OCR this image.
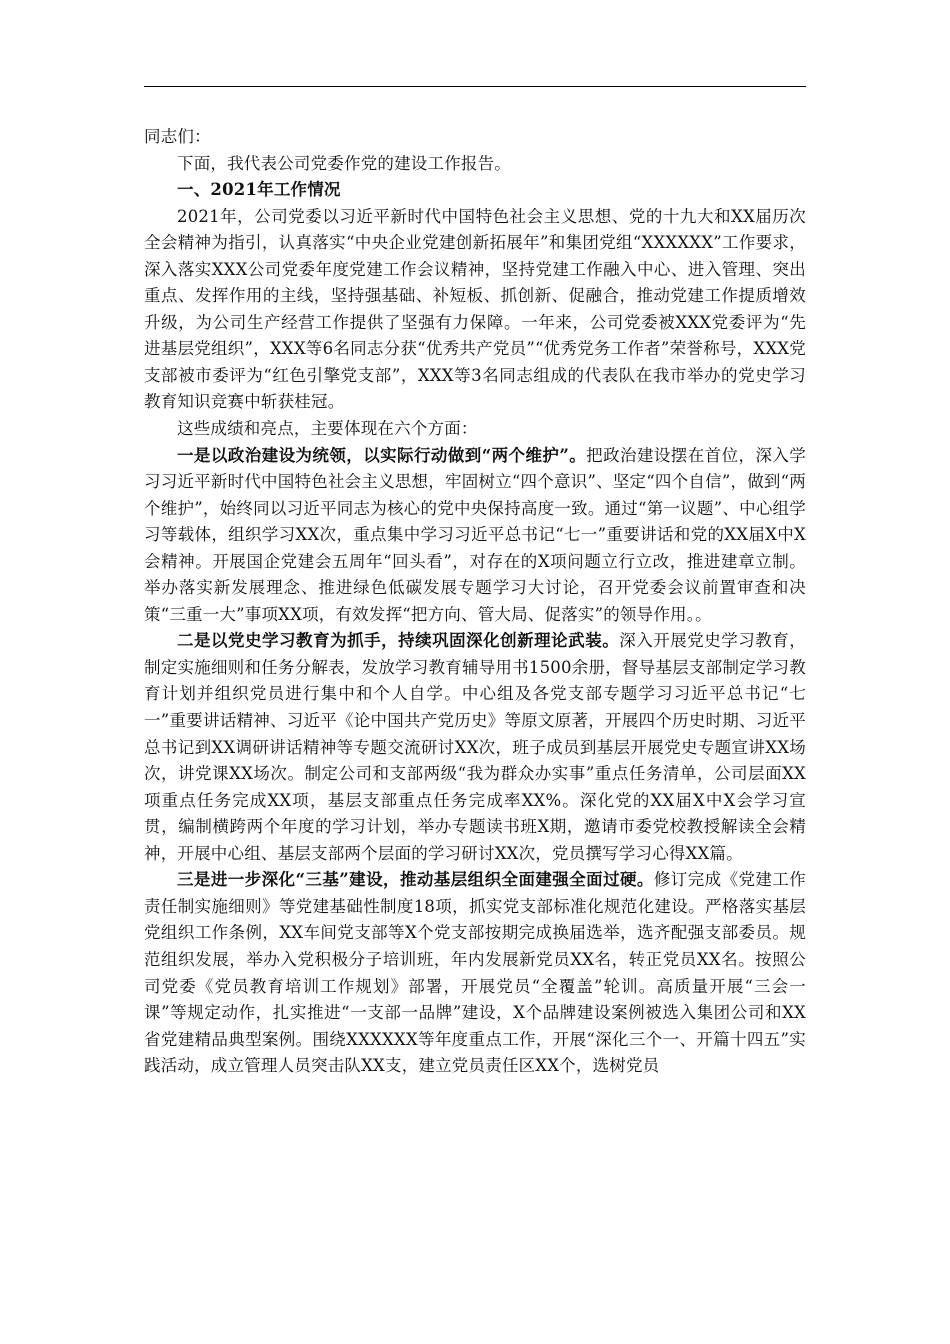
同志们：

下面，我代表公司党委作党的建设工作报告。

一、2021年工作情况

2021年，公司党委以习近平新时代中国特色社会主义思想、党的十九大和XX届历次全会精神为指引，认真落实“中央企业党建创新拓展年”和集团党组“XXXXXX”工作要求，深入落实XXX公司党委年度党建工作会议精神，坚持党建工作融入中心、进入管理、突出重点、发挥作用的主线，坚持强基础、补短板、抓创新、促融合，推动党建工作提质增效升级，为公司生产经营工作提供了坚强有力保障。一年来，公司党委被XXX党委评为“先进基层党组织”，XXX等6名同志分获“优秀共产党员”“优秀党务工作者”荣誉称号，XXX党支部被市委评为“红色引擎党支部”，XXX等3名同志组成的代表队在我市举办的党史学习教育知识竞赛中斩获桂冠。

这些成绩和亮点，主要体现在六个方面：

一是以政治建设为统领，以实际行动做到“两个维护”。把政治建设摆在首位，深入学习习近平新时代中国特色社会主义思想，牢固树立“四个意识”、坚定“四个自信”，做到“两个维护”，始终同以习近平同志为核心的党中央保持高度一致。通过“第一议题”、中心组学习等载体，组织学习XX次，重点集中学习习近平总书记“七一”重要讲话和党的XX届X中X会精神。开展国企党建会五周年“回头看”，对存在的X项问题立行立改，推进建章立制。举办落实新发展理念、推进绿色低碳发展专题学习大讨论，召开党委会议前置审查和决策“三重一大”事项XX项，有效发挥“把方向、管大局、促落实”的领导作用。。

二是以党史学习教育为抓手，持续巩固深化创新理论武装。深入开展党史学习教育，制定实施细则和任务分解表，发放学习教育辅导用书1500余册，督导基层支部制定学习教育计划并组织党员进行集中和个人自学。中心组及各党支部专题学习习近平总书记“七一”重要讲话精神、习近平《论中国共产党历史》等原文原著，开展四个历史时期、习近平总书记到XX调研讲话精神等专题交流研讨XX次，班子成员到基层开展党史专题宣讲XX场次，讲党课XX场次。制定公司和支部两级“我为群众办实事”重点任务清单，公司层面XX项重点任务完成XX项，基层支部重点任务完成率XX%。深化党的XX届X中X会学习宣贯，编制横跨两个年度的学习计划，举办专题读书班X期，邀请市委党校教授解读全会精神，开展中心组、基层支部两个层面的学习研讨XX次，党员撰写学习心得XX篇。

三是进一步深化“三基”建设，推动基层组织全面建强全面过硬。修订完成《党建工作责任制实施细则》等党建基础性制度18项，抓实党支部标准化规范化建设。严格落实基层党组织工作条例，XX车间党支部等X个党支部按期完成换届选举，选齐配强支部委员。规范组织发展，举办入党积极分子培训班，年内发展新党员XX名，转正党员XX名。按照公司党委《党员教育培训工作规划》部署，开展党员“全覆盖”轮训。高质量开展“三会一课”等规定动作，扎实推进“一支部一品牌”建设，X个品牌建设案例被选入集团公司和XX省党建精品典型案例。围绕XXXXXX等年度重点工作，开展“深化三个一、开篇十四五”实践活动，成立管理人员突击队XX支，建立党员责任区XX个，选树党员
